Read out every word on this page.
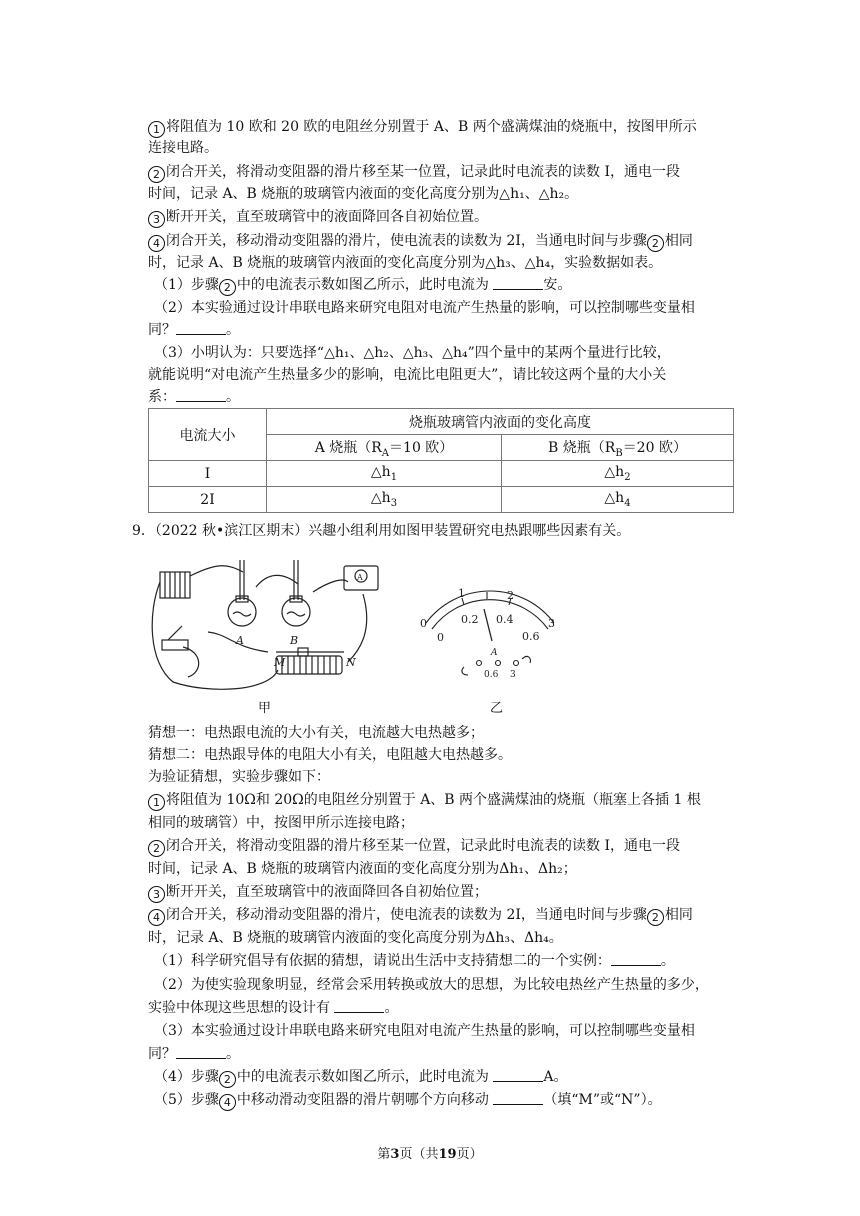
1 将阻值为 10 欧和 20 欧的电阻丝分别置于 A、B 两个盛满煤油的烧瓶中，按图甲所示
连接电路。
2 闭合开关，将滑动变阻器的滑片移至某一位置，记录此时电流表的读数 I，通电一段
时间，记录 A、B 烧瓶的玻璃管内液面的变化高度分别为△h₁、△h₂。
3 断开开关，直至玻璃管中的液面降回各自初始位置。
4 闭合开关，移动滑动变阻器的滑片，使电流表的读数为 2I，当通电时间与步骤 2 相同
时，记录 A、B 烧瓶的玻璃管内液面的变化高度分别为△h₃、△h₄，实验数据如表。
（1）步骤 2 中的电流表示数如图乙所示，此时电流为	安。
（2）本实验通过设计串联电路来研究电阻对电流产生热量的影响，可以控制哪些变量相
同？	。
（3）小明认为：只要选择“△h₁、△h₂、△h₃、△h₄”四个量中的某两个量进行比较，
就能说明“对电流产生热量多少的影响，电流比电阻更大”，请比较这两个量的大小关
系：	。
电流大小	烧瓶玻璃管内液面的变化高度	
	A 烧瓶（$R_A=10$ 欧）	B 烧瓶（$R_B=20$ 欧）
I	$\triangle h_1$	$\triangle h_2$
2I	$\triangle h_3$	$\triangle h_4$
9．（2022 秋•滨江区期末）兴趣小组利用如图甲装置研究电热跟哪些因素有关。
A	B
M	N
A
甲
0
1	2
3
0
0.2 0.4
0.6
A
0.6 3
乙
猜想一：电热跟电流的大小有关，电流越大电热越多；
猜想二：电热跟导体的电阻大小有关，电阻越大电热越多。
为验证猜想，实验步骤如下：
1 将阻值为 10Ω和 20Ω的电阻丝分别置于 A、B 两个盛满煤油的烧瓶（瓶塞上各插 1 根
相同的玻璃管）中，按图甲所示连接电路；
2 闭合开关，将滑动变阻器的滑片移至某一位置，记录此时电流表的读数 I，通电一段
时间，记录 A、B 烧瓶的玻璃管内液面的变化高度分别为Δh₁、Δh₂；
3 断开开关，直至玻璃管中的液面降回各自初始位置；
4 闭合开关，移动滑动变阻器的滑片，使电流表的读数为 2I，当通电时间与步骤 2 相同
时，记录 A、B 烧瓶的玻璃管内液面的变化高度分别为Δh₃、Δh₄。
（1）科学研究倡导有依据的猜想，请说出生活中支持猜想二的一个实例：	。
（2）为使实验现象明显，经常会采用转换或放大的思想，为比较电热丝产生热量的多少，
实验中体现这些思想的设计有	。
（3）本实验通过设计串联电路来研究电阻对电流产生热量的影响，可以控制哪些变量相
同？	。
（4）步骤 2 中的电流表示数如图乙所示，此时电流为	A。
（5）步骤 4 中移动滑动变阻器的滑片朝哪个方向移动	（填“M”或“N”）。
第3页（共19页）
